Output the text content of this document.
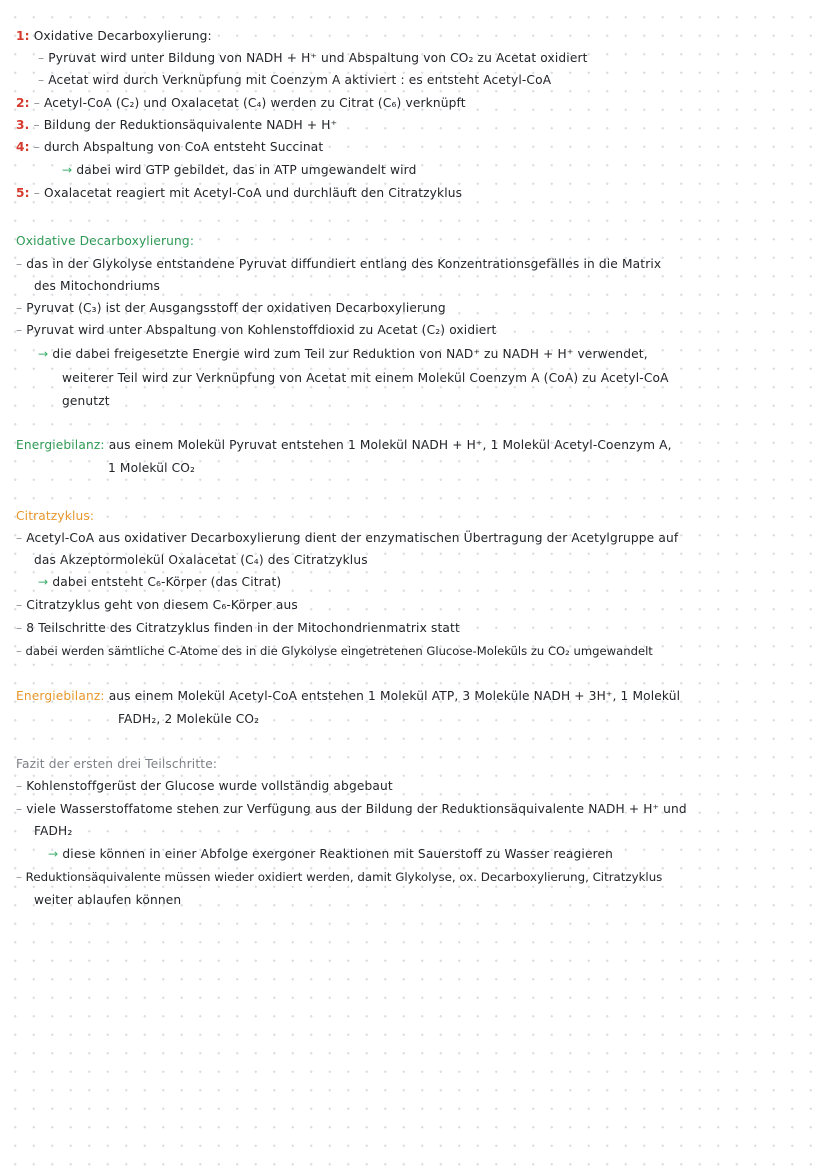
1: Oxidative Decarboxylierung:
– Pyruvat wird unter Bildung von NADH + H⁺ und Abspaltung von CO₂ zu Acetat oxidiert
– Acetat wird durch Verknüpfung mit Coenzym A aktiviert : es entsteht Acetyl-CoA
2: – Acetyl-CoA (C₂) und Oxalacetat (C₄) werden zu Citrat (C₆) verknüpft
3. – Bildung der Reduktionsäquivalente NADH + H⁺
4: – durch Abspaltung von CoA entsteht Succinat
→ dabei wird GTP gebildet, das in ATP umgewandelt wird
5: – Oxalacetat reagiert mit Acetyl-CoA und durchläuft den Citratzyklus
Oxidative Decarboxylierung:
– das in der Glykolyse entstandene Pyruvat diffundiert entlang des Konzentrationsgefälles in die Matrix
des Mitochondriums
– Pyruvat (C₃) ist der Ausgangsstoff der oxidativen Decarboxylierung
– Pyruvat wird unter Abspaltung von Kohlenstoffdioxid zu Acetat (C₂) oxidiert
→ die dabei freigesetzte Energie wird zum Teil zur Reduktion von NAD⁺ zu NADH + H⁺ verwendet,
weiterer Teil wird zur Verknüpfung von Acetat mit einem Molekül Coenzym A (CoA) zu Acetyl-CoA
genutzt
Energiebilanz: aus einem Molekül Pyruvat entstehen 1 Molekül NADH + H⁺, 1 Molekül Acetyl-Coenzym A,
1 Molekül CO₂
Citratzyklus:
– Acetyl-CoA aus oxidativer Decarboxylierung dient der enzymatischen Übertragung der Acetylgruppe auf
das Akzeptormolekül Oxalacetat (C₄) des Citratzyklus
→ dabei entsteht C₆-Körper (das Citrat)
– Citratzyklus geht von diesem C₆-Körper aus
– 8 Teilschritte des Citratzyklus finden in der Mitochondrienmatrix statt
– dabei werden sämtliche C-Atome des in die Glykolyse eingetretenen Glucose-Moleküls zu CO₂ umgewandelt
Energiebilanz: aus einem Molekül Acetyl-CoA entstehen 1 Molekül ATP, 3 Moleküle NADH + 3H⁺, 1 Molekül
FADH₂, 2 Moleküle CO₂
Fazit der ersten drei Teilschritte:
– Kohlenstoffgerüst der Glucose wurde vollständig abgebaut
– viele Wasserstoffatome stehen zur Verfügung aus der Bildung der Reduktionsäquivalente NADH + H⁺ und
FADH₂
→ diese können in einer Abfolge exergoner Reaktionen mit Sauerstoff zu Wasser reagieren
– Reduktionsäquivalente müssen wieder oxidiert werden, damit Glykolyse, ox. Decarboxylierung, Citratzyklus
weiter ablaufen können
